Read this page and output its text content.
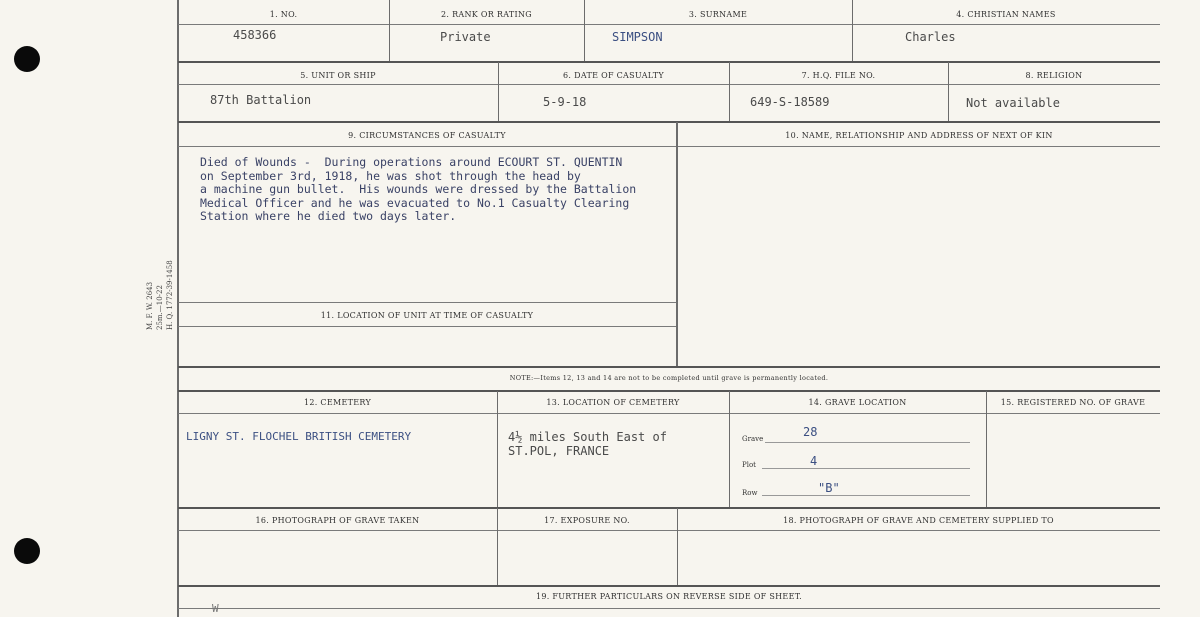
M. F. W. 2643 25m.—10-22 H. Q. 1772-39-1458
1. NO.
458366
2. RANK OR RATING
Private
3. SURNAME
SIMPSON
4. CHRISTIAN NAMES
Charles
5. UNIT OR SHIP
87th Battalion
6. DATE OF CASUALTY
5-9-18
7. H.Q. FILE NO.
649-S-18589
8. RELIGION
Not available
9. CIRCUMSTANCES OF CASUALTY
Died of Wounds -  During operations around ECOURT ST. QUENTIN
on September 3rd, 1918, he was shot through the head by
a machine gun bullet.  His wounds were dressed by the Battalion
Medical Officer and he was evacuated to No.1 Casualty Clearing
Station where he died two days later.
10. NAME, RELATIONSHIP AND ADDRESS OF NEXT OF KIN
11. LOCATION OF UNIT AT TIME OF CASUALTY
NOTE:—Items 12, 13 and 14 are not to be completed until grave is permanently located.
12. CEMETERY
LIGNY ST. FLOCHEL BRITISH CEMETERY
13. LOCATION OF CEMETERY
4½ miles South East of
ST.POL, FRANCE
14. GRAVE LOCATION
Grave	28
Plot	4
Row	"B"
15. REGISTERED NO. OF GRAVE
16. PHOTOGRAPH OF GRAVE TAKEN	17. EXPOSURE NO.	18. PHOTOGRAPH OF GRAVE AND CEMETERY SUPPLIED TO
19. FURTHER PARTICULARS ON REVERSE SIDE OF SHEET.
W
